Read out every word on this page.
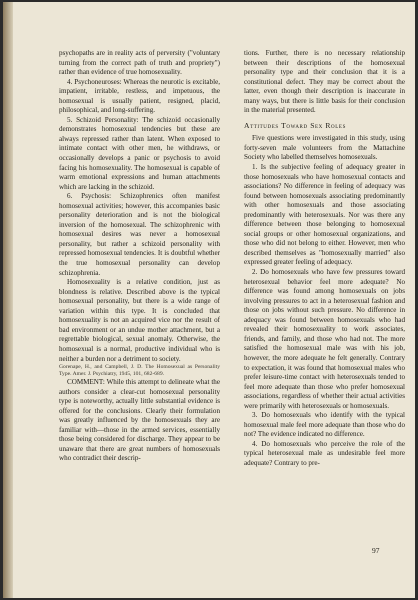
psychopaths are in reality acts of perversity ("voluntary turning from the correct path of truth and propriety") rather than evidence of true homosexuality.

4. Psychoneuroses: Whereas the neurotic is excitable, impatient, irritable, restless, and impetuous, the homosexual is usually patient, resigned, placid, philosophical, and long-suffering.

5. Schizoid Personality: The schizoid occasionally demonstrates homosexual tendencies but these are always repressed rather than latent. When exposed to intimate contact with other men, he withdraws, or occasionally develops a panic or psychosis to avoid facing his homosexuality. The homosexual is capable of warm emotional expressions and human attachments which are lacking in the schizoid.

6. Psychosis: Schizophrenics often manifest homosexual activities; however, this accompanies basic personality deterioration and is not the biological inversion of the homosexual. The schizophrenic with homosexual desires was never a homosexual personality, but rather a schizoid personality with repressed homosexual tendencies. It is doubtful whether the true homosexual personality can develop schizophrenia.

Homosexuality is a relative condition, just as blondness is relative. Described above is the typical homosexual personality, but there is a wide range of variation within this type. It is concluded that homosexuality is not an acquired vice nor the result of bad environment or an undue mother attachment, but a regrettable biological, sexual anomaly. Otherwise, the homosexual is a normal, productive individual who is neither a burden nor a detriment to society.

Gorenape, H., and Campbell, J. D. The Homosexual as Personality Type. Amer. J. Psychiatry, 1945, 101, 682-689.

COMMENT: While this attempt to delineate what the authors consider a clear-cut homosexual personality type is noteworthy, actually little substantial evidence is offered for the conclusions. Clearly their formulation was greatly influenced by the homosexuals they are familiar with—those in the armed services, essentially those being considered for discharge. They appear to be unaware that there are great numbers of homosexuals who contradict their descrip-

tions. Further, there is no necessary relationship between their descriptions of the homosexual personality type and their conclusion that it is a constitutional defect. They may be correct about the latter, even though their description is inaccurate in many ways, but there is little basis for their conclusion in the material presented.

Attitudes Toward Sex Roles

Five questions were investigated in this study, using forty-seven male volunteers from the Mattachine Society who labelled themselves homosexuals.

1. Is the subjective feeling of adequacy greater in those homosexuals who have homosexual contacts and associations? No difference in feeling of adequacy was found between homosexuals associating predominantly with other homosexuals and those associating predominantly with heterosexuals. Nor was there any difference between those belonging to homosexual social groups or other homosexual organizations, and those who did not belong to either. However, men who described themselves as "homosexually married" also expressed greater feeling of adequacy.

2. Do homosexuals who have few pressures toward heterosexual behavior feel more adequate? No difference was found among homosexuals on jobs involving pressures to act in a heterosexual fashion and those on jobs without such pressure. No difference in adequacy was found between homosexuals who had revealed their homosexuality to work associates, friends, and family, and those who had not. The more satisfied the homosexual male was with his job, however, the more adequate he felt generally. Contrary to expectation, it was found that homosexual males who prefer leisure-time contact with heterosexuals tended to feel more adequate than those who prefer homosexual associations, regardless of whether their actual activities were primarily with heterosexuals or homosexuals.

3. Do homosexuals who identify with the typical homosexual male feel more adequate than those who do not? The evidence indicated no difference.

4. Do homosexuals who perceive the role of the typical heterosexual male as undesirable feel more adequate? Contrary to pre-

97
